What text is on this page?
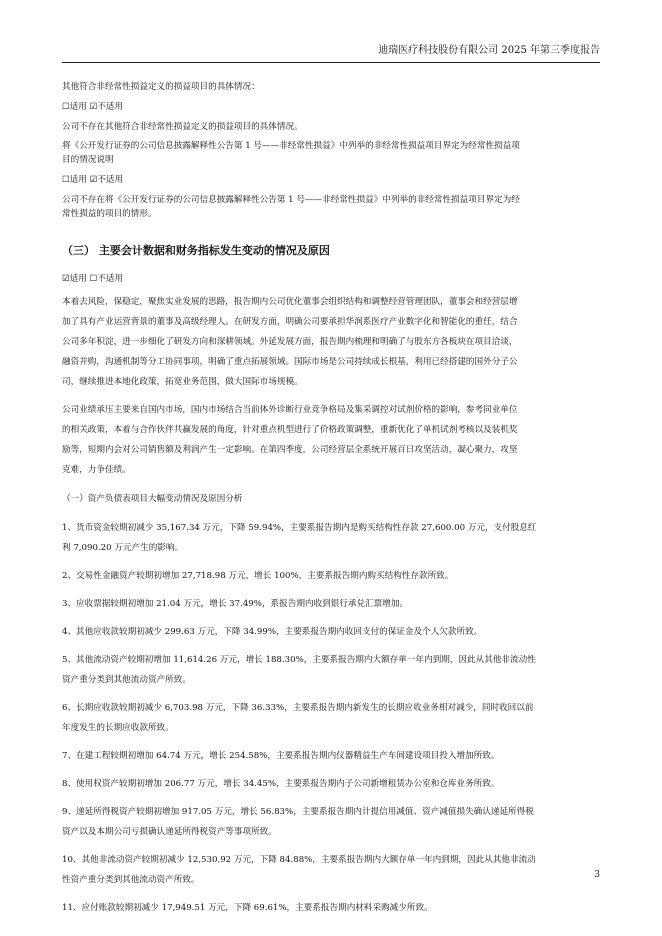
迪瑞医疗科技股份有限公司 2025 年第三季度报告
其他符合非经常性损益定义的损益项目的具体情况：
☐适用 ☑不适用
公司不存在其他符合非经常性损益定义的损益项目的具体情况。
将《公开发行证券的公司信息披露解释性公告第 1 号——非经常性损益》中列举的非经常性损益项目界定为经常性损益项
目的情况说明
☐适用 ☑不适用
公司不存在将《公开发行证券的公司信息披露解释性公告第 1 号——非经常性损益》中列举的非经常性损益项目界定为经
常性损益的项目的情形。
（三） 主要会计数据和财务指标发生变动的情况及原因
☑适用 ☐不适用
本着去风险，保稳定，聚焦实业发展的思路，报告期内公司优化董事会组织结构和调整经营管理团队，董事会和经营层增
加了具有产业运营背景的董事及高级经理人。在研发方面，明确公司要承担华润系医疗产业数字化和智能化的重任，结合
公司多年积淀，进一步细化了研发方向和深耕领域。外延发展方面，报告期内梳理和明确了与股东方各板块在项目洽谈，
融资并购，沟通机制等分工协同事项，明确了重点拓展领域。国际市场是公司持续成长根基，利用已经搭建的国外分子公
司，继续推进本地化政策，拓宽业务范围，做大国际市场规模。
公司业绩承压主要来自国内市场，国内市场结合当前体外诊断行业竞争格局及集采调控对试剂价格的影响，参考同业单位
的相关政策，本着与合作伙伴共赢发展的角度，针对重点机型进行了价格政策调整，重新优化了单机试剂考核以及装机奖
励等，短期内会对公司销售额及利润产生一定影响。在第四季度，公司经营层全系统开展百日攻坚活动，凝心聚力，攻坚
克难，力争佳绩。
（一）资产负债表项目大幅变动情况及原因分析
1、货币资金较期初减少 35,167.34 万元，下降 59.94%，主要系报告期内是购买结构性存款 27,600.00 万元，支付股息红
利 7,090.20 万元产生的影响。
2、交易性金融资产较期初增加 27,718.98 万元，增长 100%，主要系报告期内购买结构性存款所致。
3、应收票据较期初增加 21.04 万元，增长 37.49%，系报告期内收到银行承兑汇票增加。
4、其他应收款较期初减少 299.63 万元，下降 34.99%，主要系报告期内收回支付的保证金及个人欠款所致。
5、其他流动资产较期初增加 11,614.26 万元，增长 188.30%，主要系报告期内大额存单一年内到期，因此从其他非流动性
资产重分类到其他流动资产所致。
6、长期应收款较期初减少 6,703.98 万元，下降 36.33%，主要系报告期内新发生的长期应收业务相对减少，同时收回以前
年度发生的长期应收款所致。
7、在建工程较期初增加 64.74 万元，增长 254.58%，主要系报告期内仪器精益生产车间建设项目投入增加所致。
8、使用权资产较期初增加 206.77 万元，增长 34.45%，主要系报告期内子公司新增租赁办公室和仓库业务所致。
9、递延所得税资产较期初增加 917.05 万元，增长 56.83%，主要系报告期内计提信用减值、资产减值损失确认递延所得税
资产以及本期公司亏损确认递延所得税资产等事项所致。
10、其他非流动资产较期初减少 12,530.92 万元，下降 84.88%，主要系报告期内大额存单一年内到期，因此从其他非流动
性资产重分类到其他流动资产所致。
11、应付账款较期初减少 17,949.51 万元，下降 69.61%，主要系报告期内材料采购减少所致。
3
